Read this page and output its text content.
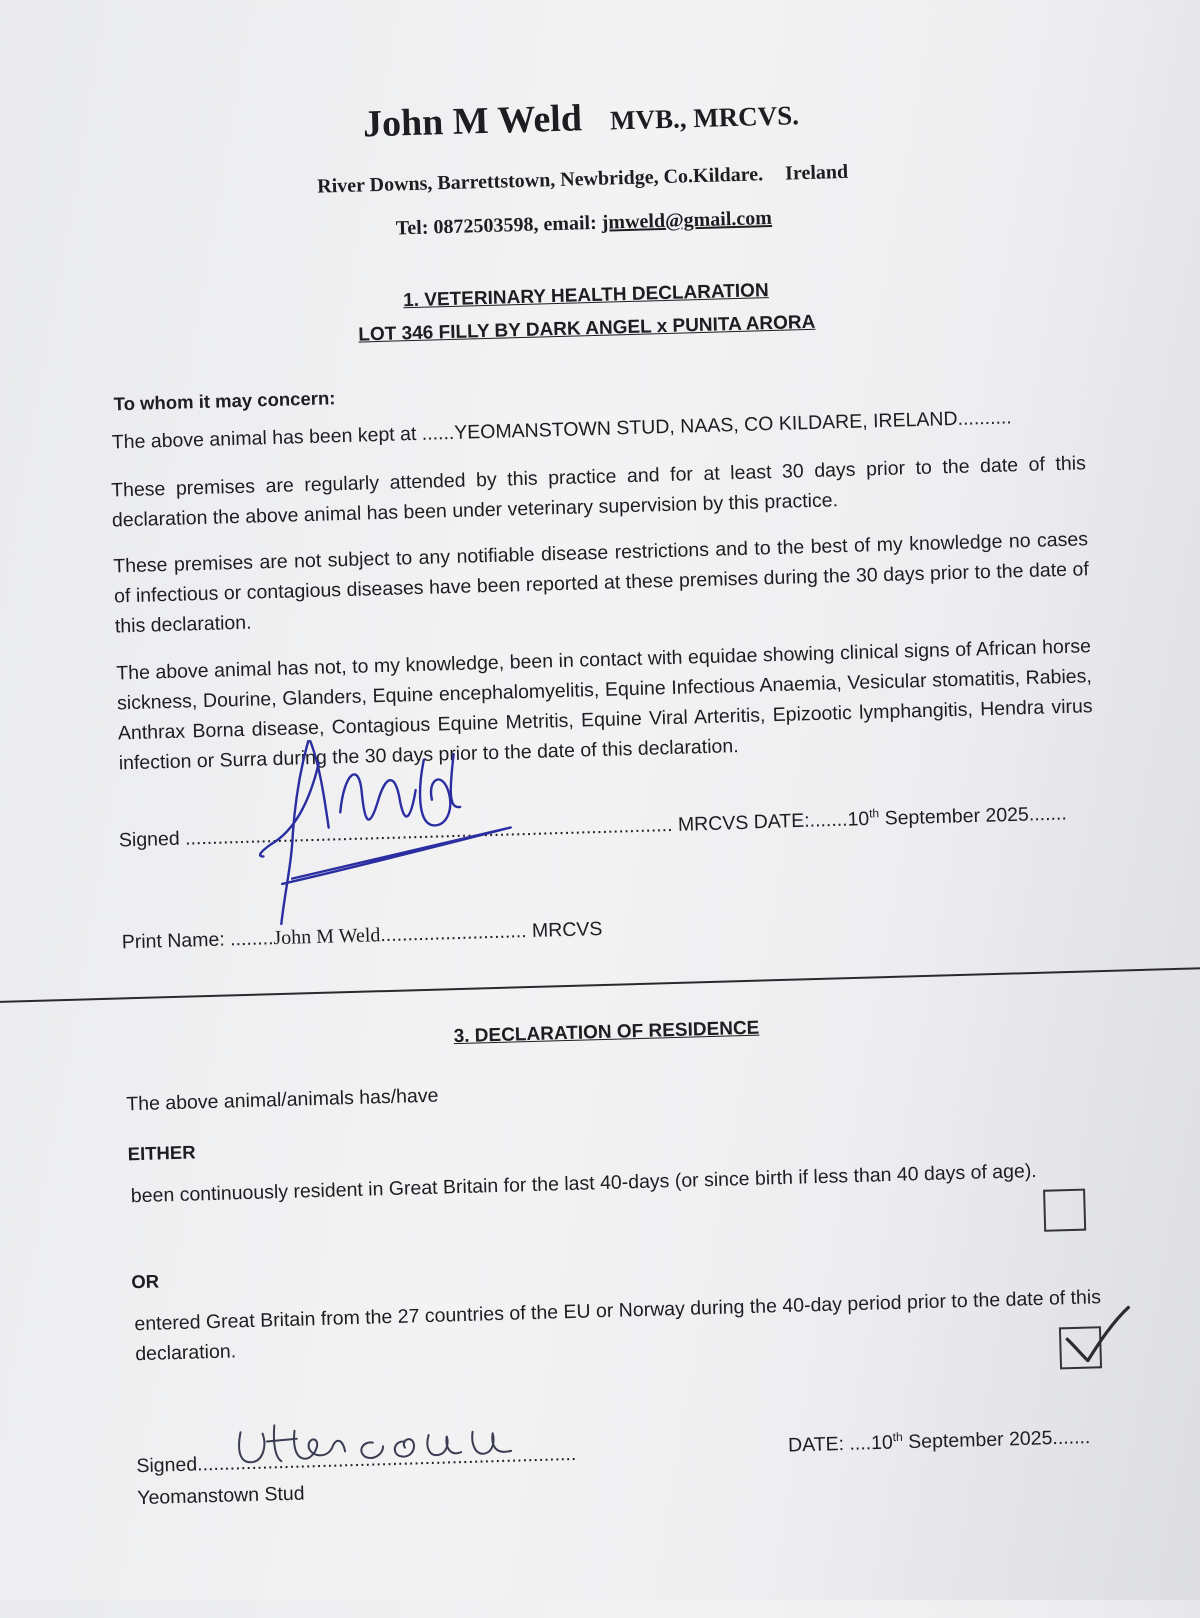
John M Weld MVB., MRCVS.
River Downs, Barrettstown, Newbridge, Co.Kildare. Ireland
Tel: 0872503598, email: jmweld@gmail.com
1. VETERINARY HEALTH DECLARATION
LOT 346 FILLY BY DARK ANGEL x PUNITA ARORA
To whom it may concern:
The above animal has been kept at ......YEOMANSTOWN STUD, NAAS, CO KILDARE, IRELAND..........
These premises are regularly attended by this practice and for at least 30 days prior to the date of this declaration the above animal has been under veterinary supervision by this practice.
These premises are not subject to any notifiable disease restrictions and to the best of my knowledge no cases of infectious or contagious diseases have been reported at these premises during the 30 days prior to the date of this declaration.
The above animal has not, to my knowledge, been in contact with equidae showing clinical signs of African horse sickness, Dourine, Glanders, Equine encephalomyelitis, Equine Infectious Anaemia, Vesicular stomatitis, Rabies, Anthrax Borna disease, Contagious Equine Metritis, Equine Viral Arteritis, Epizootic lymphangitis, Hendra virus infection or Surra during the 30 days prior to the date of this declaration.
Signed .......................................................................................... MRCVS DATE:.......10th September 2025.......
Print Name: ........John M Weld........................... MRCVS
3. DECLARATION OF RESIDENCE
The above animal/animals has/have
EITHER
been continuously resident in Great Britain for the last 40-days (or since birth if less than 40 days of age).
OR
entered Great Britain from the 27 countries of the EU or Norway during the 40-day period prior to the date of this declaration.
Signed......................................................................	DATE: ....10th September 2025.......
Yeomanstown Stud
